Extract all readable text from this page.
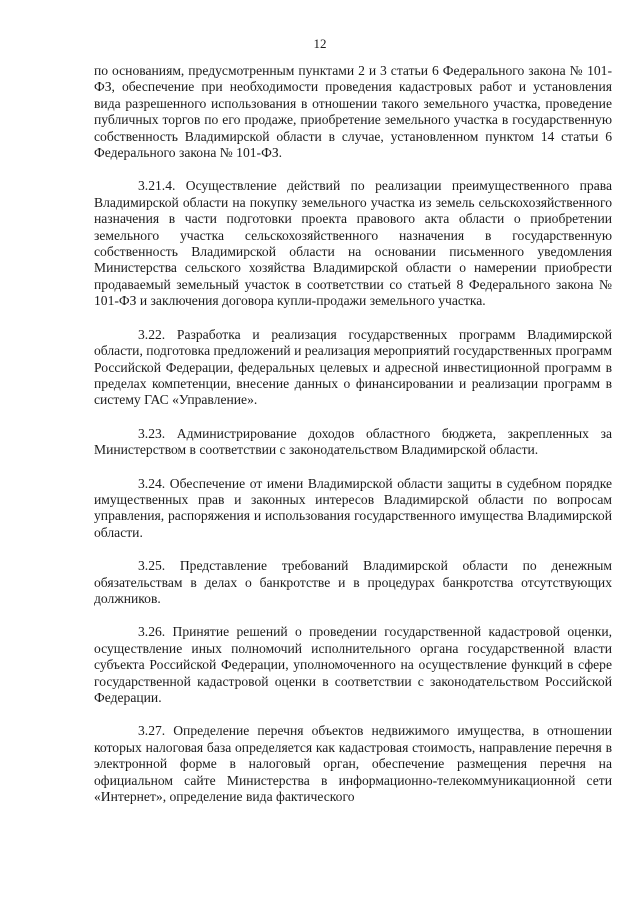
12

по основаниям, предусмотренным пунктами 2 и 3 статьи 6 Федерального закона № 101-ФЗ, обеспечение при необходимости проведения кадастровых работ и установления вида разрешенного использования в отношении такого земельного участка, проведение публичных торгов по его продаже, приобретение земельного участка в государственную собственность Владимирской области в случае, установленном пунктом 14 статьи 6 Федерального закона № 101-ФЗ.

3.21.4. Осуществление действий по реализации преимущественного права Владимирской области на покупку земельного участка из земель сельскохозяйственного назначения в части подготовки проекта правового акта области о приобретении земельного участка сельскохозяйственного назначения в государственную собственность Владимирской области на основании письменного уведомления Министерства сельского хозяйства Владимирской области о намерении приобрести продаваемый земельный участок в соответствии со статьей 8 Федерального закона № 101-ФЗ и заключения договора купли-продажи земельного участка.

3.22. Разработка и реализация государственных программ Владимирской области, подготовка предложений и реализация мероприятий государственных программ Российской Федерации, федеральных целевых и адресной инвестиционной программ в пределах компетенции, внесение данных о финансировании и реализации программ в систему ГАС «Управление».

3.23. Администрирование доходов областного бюджета, закрепленных за Министерством в соответствии с законодательством Владимирской области.

3.24. Обеспечение от имени Владимирской области защиты в судебном порядке имущественных прав и законных интересов Владимирской области по вопросам управления, распоряжения и использования государственного имущества Владимирской области.

3.25. Представление требований Владимирской области по денежным обязательствам в делах о банкротстве и в процедурах банкротства отсутствующих должников.

3.26. Принятие решений о проведении государственной кадастровой оценки, осуществление иных полномочий исполнительного органа государственной власти субъекта Российской Федерации, уполномоченного на осуществление функций в сфере государственной кадастровой оценки в соответствии с законодательством Российской Федерации.

3.27. Определение перечня объектов недвижимого имущества, в отношении которых налоговая база определяется как кадастровая стоимость, направление перечня в электронной форме в налоговый орган, обеспечение размещения перечня на официальном сайте Министерства в информационно-телекоммуникационной сети «Интернет», определение вида фактического
